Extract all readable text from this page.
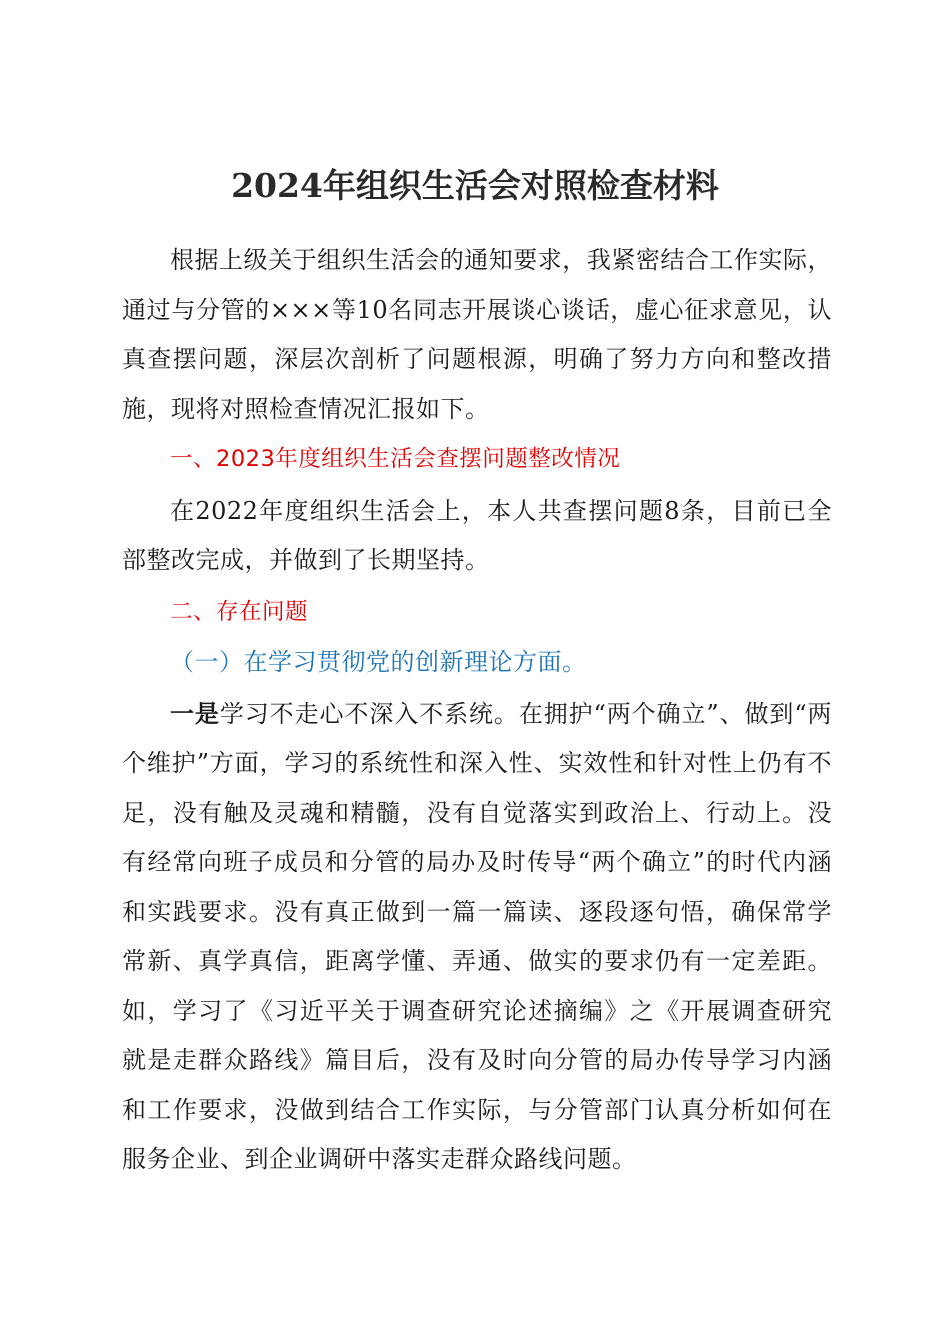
2024年组织生活会对照检查材料

根据上级关于组织生活会的通知要求，我紧密结合工作实际，通过与分管的×××等10名同志开展谈心谈话，虚心征求意见，认真查摆问题，深层次剖析了问题根源，明确了努力方向和整改措施，现将对照检查情况汇报如下。

一、2023年度组织生活会查摆问题整改情况

在2022年度组织生活会上，本人共查摆问题8条，目前已全部整改完成，并做到了长期坚持。

二、存在问题

（一）在学习贯彻党的创新理论方面。

一是学习不走心不深入不系统。在拥护“两个确立”、做到“两个维护”方面，学习的系统性和深入性、实效性和针对性上仍有不足，没有触及灵魂和精髓，没有自觉落实到政治上、行动上。没有经常向班子成员和分管的局办及时传导“两个确立”的时代内涵和实践要求。没有真正做到一篇一篇读、逐段逐句悟，确保常学常新、真学真信，距离学懂、弄通、做实的要求仍有一定差距。如，学习了《习近平关于调查研究论述摘编》之《开展调查研究就是走群众路线》篇目后，没有及时向分管的局办传导学习内涵和工作要求，没做到结合工作实际，与分管部门认真分析如何在服务企业、到企业调研中落实走群众路线问题。
